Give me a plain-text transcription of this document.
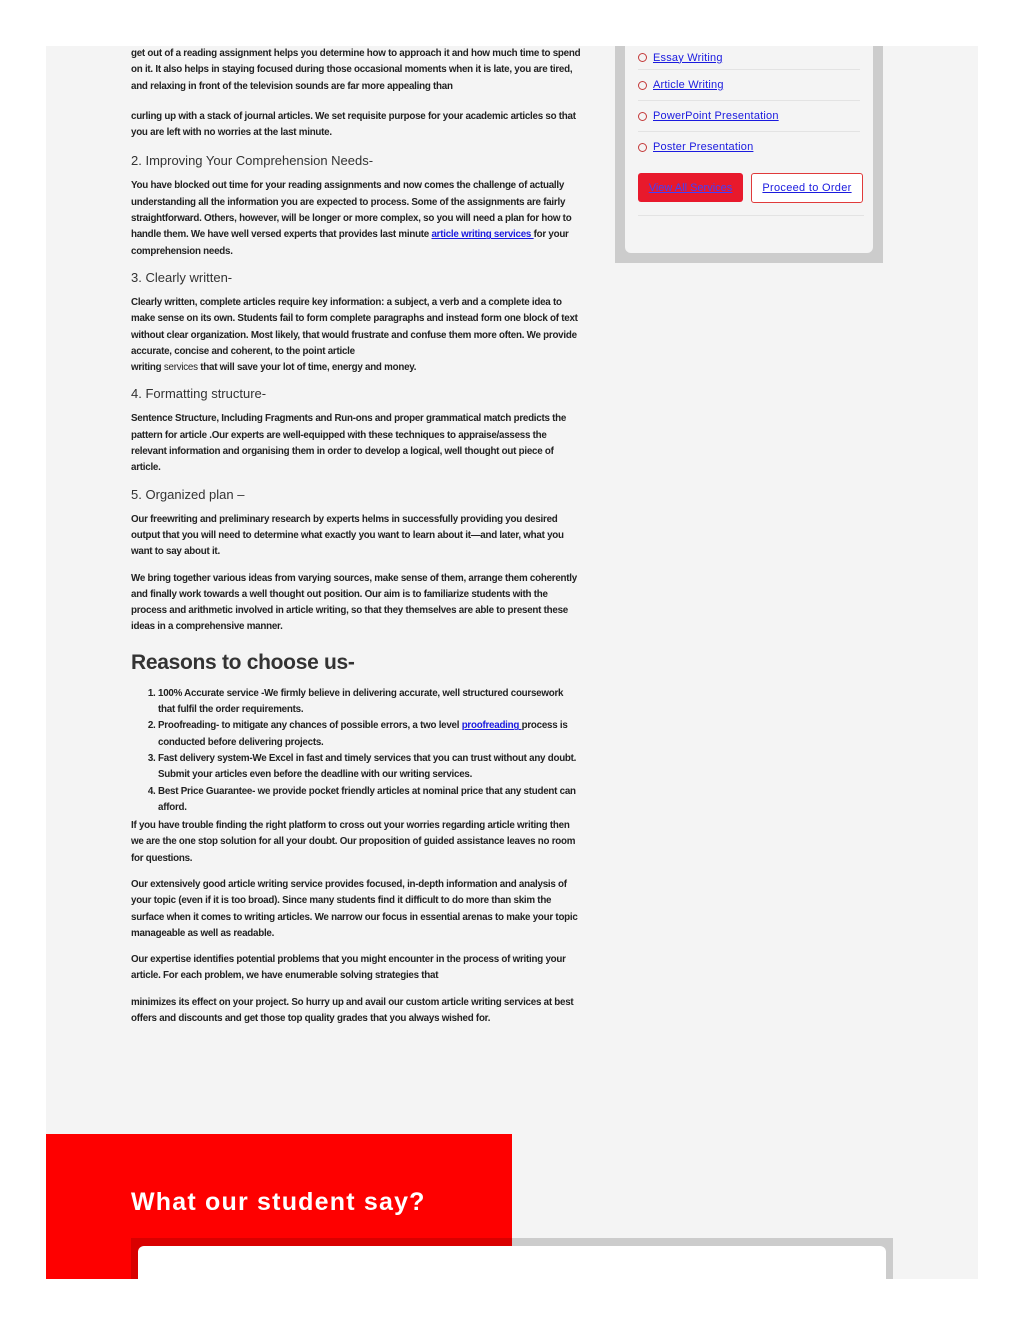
get out of a reading assignment helps you determine how to approach it and how much time to spend on it. It also helps in staying focused during those occasional moments when it is late, you are tired, and relaxing in front of the television sounds are far more appealing than

curling up with a stack of journal articles. We set requisite purpose for your academic articles so that you are left with no worries at the last minute.

2. Improving Your Comprehension Needs-

You have blocked out time for your reading assignments and now comes the challenge of actually understanding all the information you are expected to process. Some of the assignments are fairly straightforward. Others, however, will be longer or more complex, so you will need a plan for how to handle them. We have well versed experts that provides last minute article writing services for your comprehension needs.

3. Clearly written-

Clearly written, complete articles require key information: a subject, a verb and a complete idea to make sense on its own. Students fail to form complete paragraphs and instead form one block of text without clear organization. Most likely, that would frustrate and confuse them more often. We provide accurate, concise and coherent, to the point article
writing services that will save your lot of time, energy and money.

4. Formatting structure-

Sentence Structure, Including Fragments and Run-ons and proper grammatical match predicts the pattern for article .Our experts are well-equipped with these techniques to appraise/assess the relevant information and organising them in order to develop a logical, well thought out piece of article.

5. Organized plan –

Our freewriting and preliminary research by experts helms in successfully providing you desired output that you will need to determine what exactly you want to learn about it—and later, what you want to say about it.

We bring together various ideas from varying sources, make sense of them, arrange them coherently and finally work towards a well thought out position. Our aim is to familiarize students with the process and arithmetic involved in article writing, so that they themselves are able to present these ideas in a comprehensive manner.

Reasons to choose us-
1. 100% Accurate service -We firmly believe in delivering accurate, well structured coursework that fulfil the order requirements.
2. Proofreading- to mitigate any chances of possible errors, a two level proofreading process is conducted before delivering projects.
3. Fast delivery system-We Excel in fast and timely services that you can trust without any doubt. Submit your articles even before the deadline with our writing services.
4. Best Price Guarantee- we provide pocket friendly articles at nominal price that any student can afford.

If you have trouble finding the right platform to cross out your worries regarding article writing then we are the one stop solution for all your doubt. Our proposition of guided assistance leaves no room for questions.

Our extensively good article writing service provides focused, in-depth information and analysis of your topic (even if it is too broad). Since many students find it difficult to do more than skim the surface when it comes to writing articles. We narrow our focus in essential arenas to make your topic manageable as well as readable.

Our expertise identifies potential problems that you might encounter in the process of writing your article. For each problem, we have enumerable solving strategies that

minimizes its effect on your project. So hurry up and avail our custom article writing services at best offers and discounts and get those top quality grades that you always wished for.

Essay Writing
Article Writing
PowerPoint Presentation
Poster Presentation
View All Services	Proceed to Order
What our student say?
